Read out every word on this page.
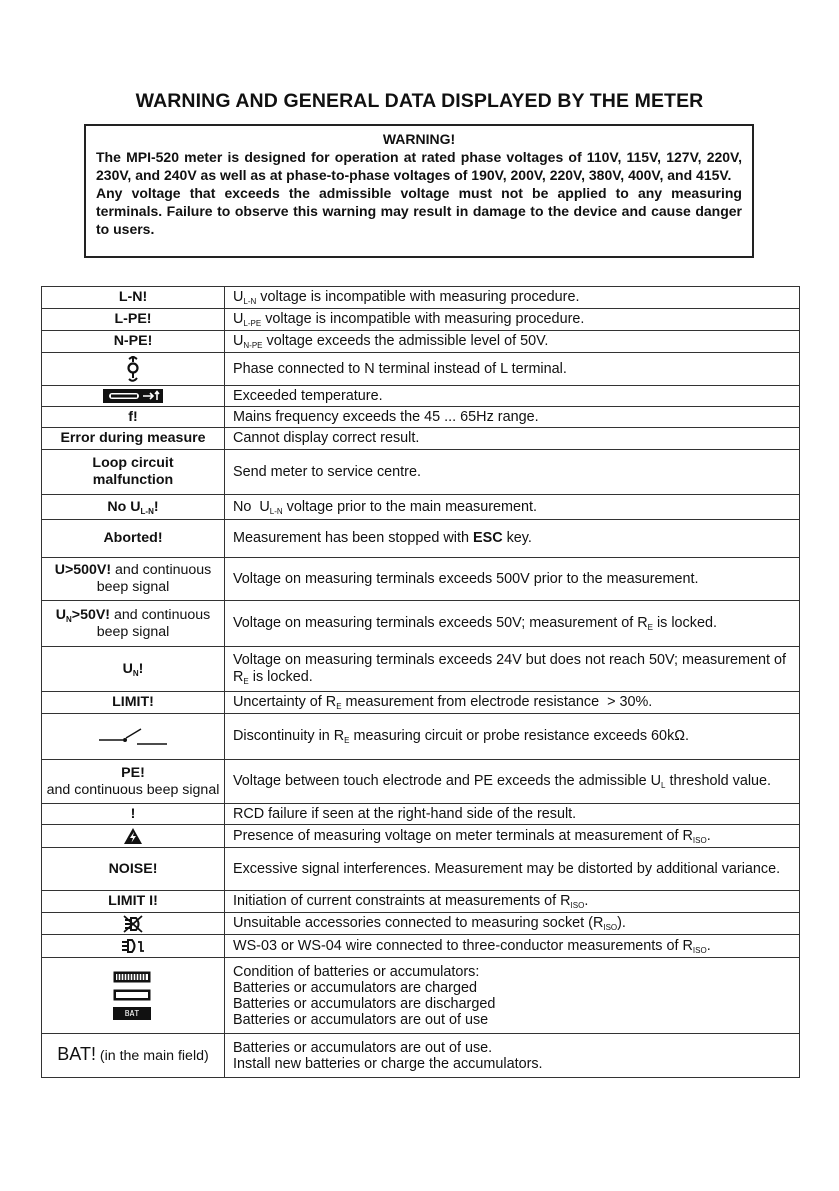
WARNING AND GENERAL DATA DISPLAYED BY THE METER
WARNING!

The MPI-520 meter is designed for operation at rated phase voltages of 110V, 115V, 127V, 220V, 230V, and 240V as well as at phase-to-phase voltages of 190V, 200V, 220V, 380V, 400V, and 415V.

Any voltage that exceeds the admissible voltage must not be applied to any measuring terminals. Failure to observe this warning may result in damage to the device and cause danger to users.

L-N!	$U_{L-N}$ voltage is incompatible with measuring procedure.
L-PE!	$U_{L-PE}$ voltage is incompatible with measuring procedure.
N-PE!	$U_{N-PE}$ voltage exceeds the admissible level of 50V.
	Phase connected to N terminal instead of L terminal.
	Exceeded temperature.
f!	Mains frequency exceeds the 45 ... 65Hz range.
Error during measure	Cannot display correct result.
Loop circuit malfunction	Send meter to service centre.
No $U_{L-N}$!	No  $U_{L-N}$ voltage prior to the main measurement.
Aborted!	Measurement has been stopped with ESC key.
U>500V! and continuous beep signal	Voltage on measuring terminals exceeds 500V prior to the measurement.
$U_N>50V$! and continuous beep signal	Voltage on measuring terminals exceeds 50V; measurement of $R_E$ is locked.
$U_N$!	Voltage on measuring terminals exceeds 24V but does not reach 50V; measurement of $R_E$ is locked.
LIMIT!	Uncertainty of $R_E$ measurement from electrode resistance  > 30%.
	Discontinuity in $R_E$ measuring circuit or probe resistance exceeds 60kΩ.
PE!
and continuous beep signal	Voltage between touch electrode and PE exceeds the admissible $U_L$ threshold value.
!	RCD failure if seen at the right-hand side of the result.
	Presence of measuring voltage on meter terminals at measurement of $R_{ISO}$.
NOISE!	Excessive signal interferences. Measurement may be distorted by additional variance.
LIMIT I!	Initiation of current constraints at measurements of $R_{ISO}$.
	Unsuitable accessories connected to measuring socket $(R_{ISO})$.
	WS-03 or WS-04 wire connected to three-conductor measurements of $R_{ISO}$.

BAT	Condition of batteries or accumulators:
Batteries or accumulators are charged
Batteries or accumulators are discharged
Batteries or accumulators are out of use

BAT! (in the main field)	Batteries or accumulators are out of use.
Install new batteries or charge the accumulators.
